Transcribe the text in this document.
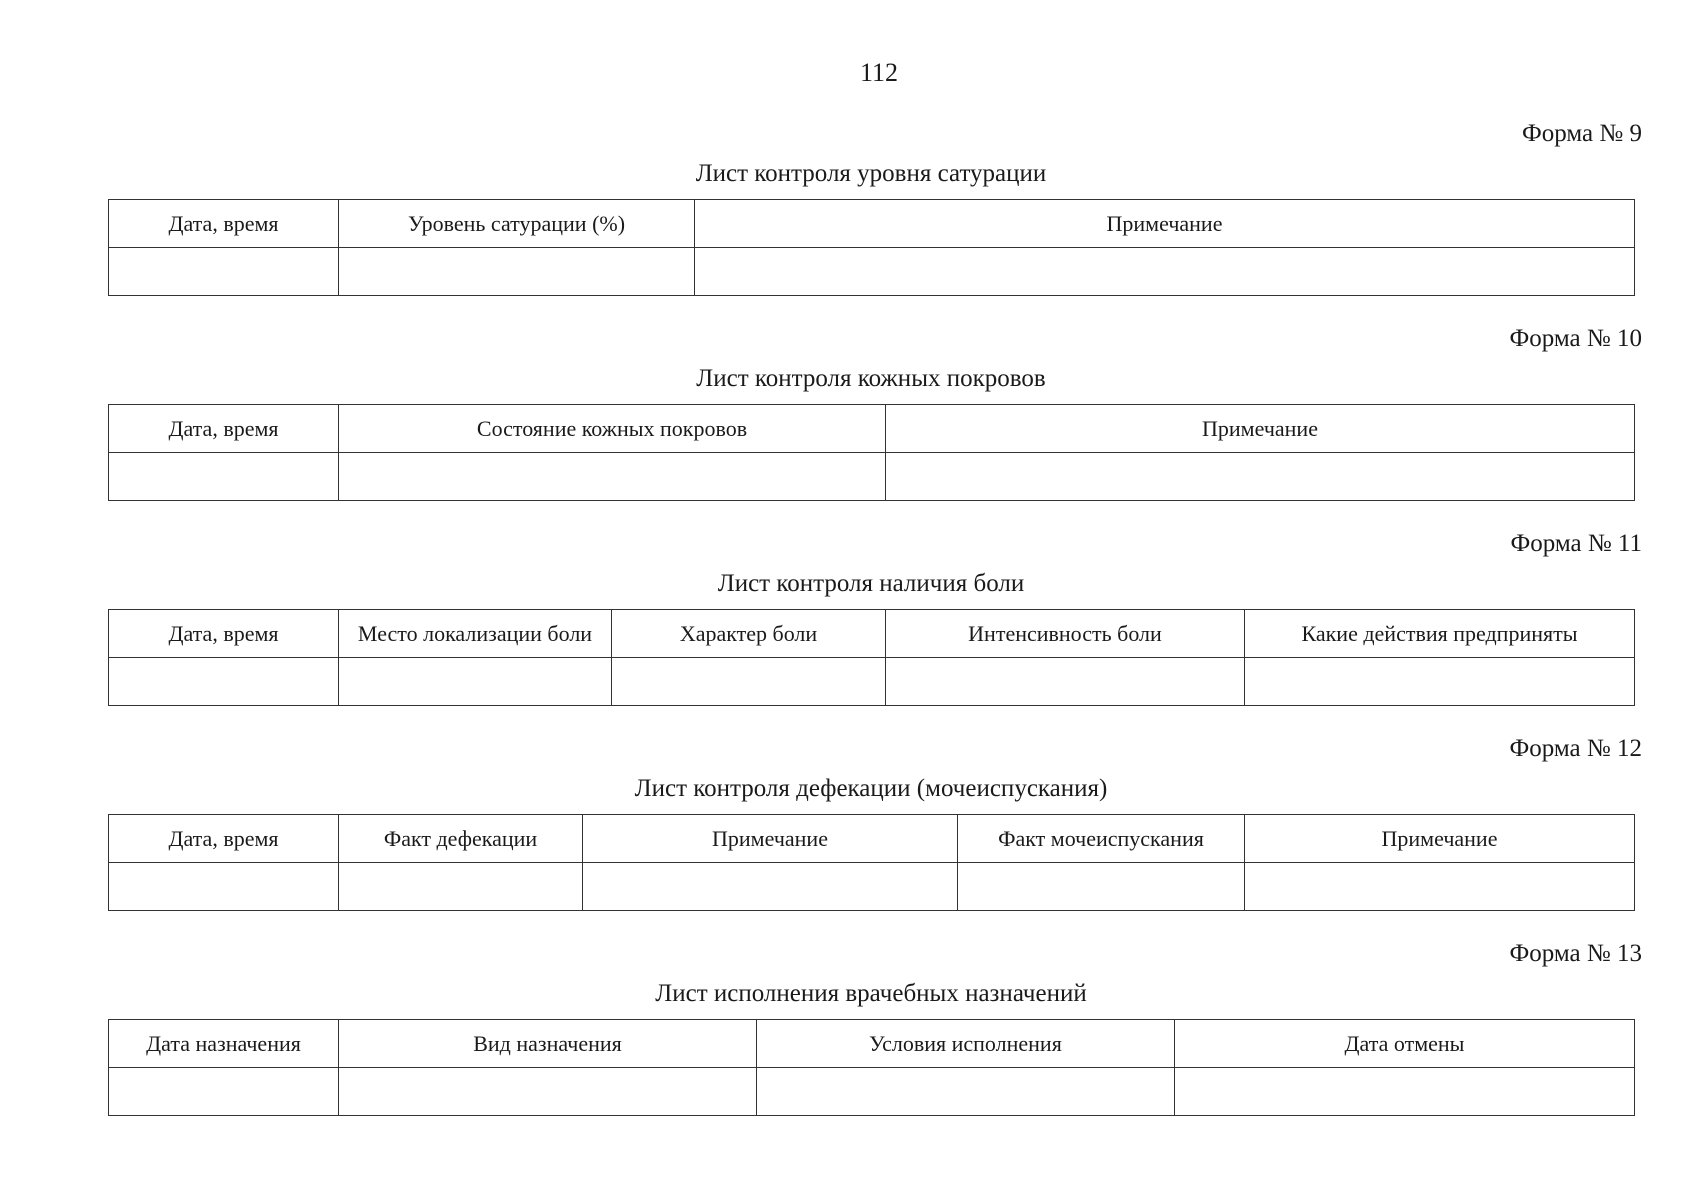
112
Форма № 9
Лист контроля уровня сатурации
Дата, время	Уровень сатурации (%)	Примечание

Форма № 10
Лист контроля кожных покровов
Дата, время	Состояние кожных покровов	Примечание

Форма № 11
Лист контроля наличия боли
Дата, время	Место локализации боли	Характер боли	Интенсивность боли	Какие действия предприняты

Форма № 12
Лист контроля дефекации (мочеиспускания)
Дата, время	Факт дефекации	Примечание	Факт мочеиспускания	Примечание

Форма № 13
Лист исполнения врачебных назначений
Дата назначения	Вид назначения	Условия исполнения	Дата отмены
